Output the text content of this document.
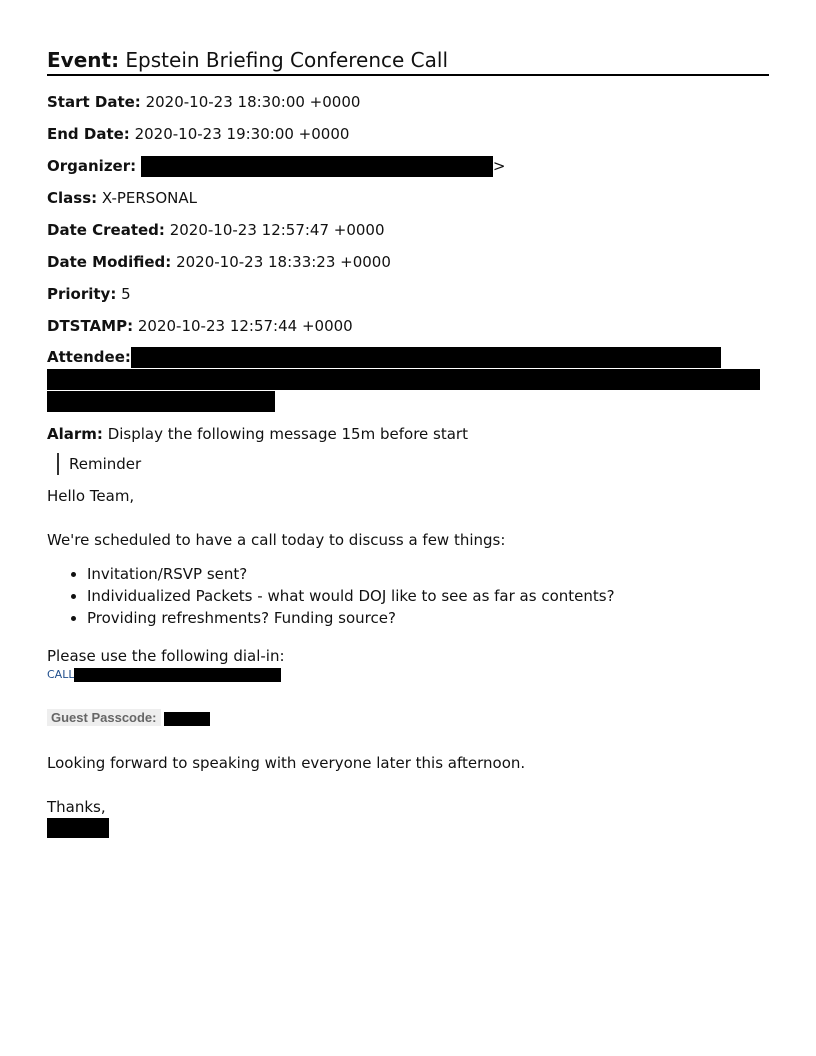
Event: Epstein Briefing Conference Call
Start Date: 2020-10-23 18:30:00 +0000
End Date: 2020-10-23 19:30:00 +0000
Organizer:	>
Class: X-PERSONAL
Date Created: 2020-10-23 12:57:47 +0000
Date Modified: 2020-10-23 18:33:23 +0000
Priority: 5
DTSTAMP: 2020-10-23 12:57:44 +0000
Attendee:
Alarm: Display the following message 15m before start
Reminder

Hello Team,

We're scheduled to have a call today to discuss a few things:

• Invitation/RSVP sent?
• Individualized Packets - what would DOJ like to see as far as contents?
• Providing refreshments? Funding source?

Please use the following dial-in:

CALL
Guest Passcode:

Looking forward to speaking with everyone later this afternoon.

Thanks,
